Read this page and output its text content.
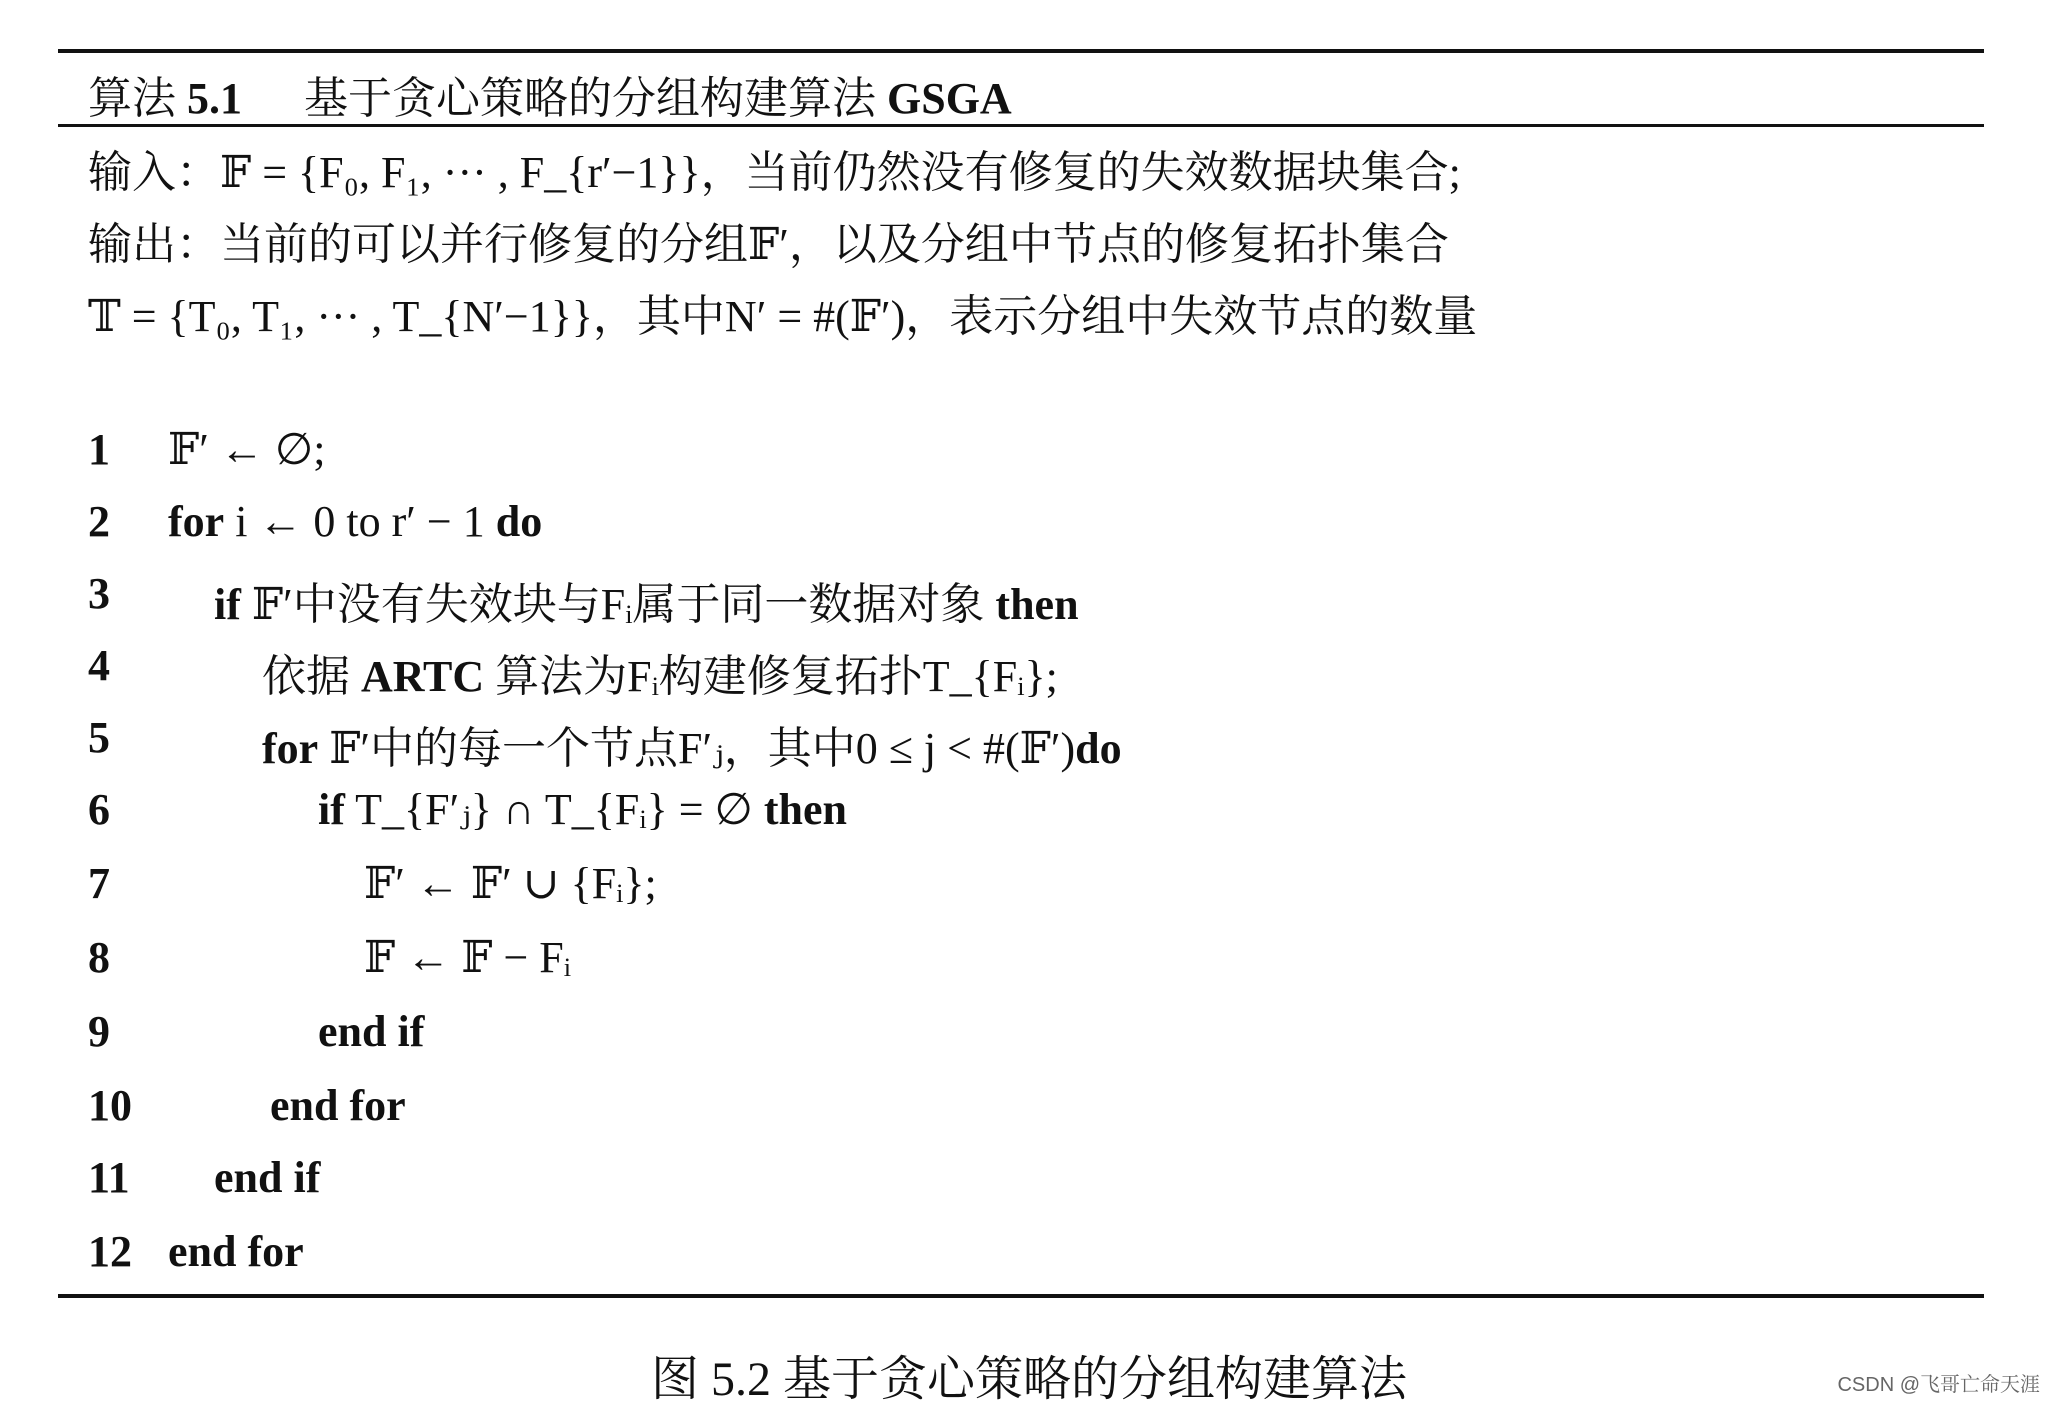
算法 5.1 基于贪心策略的分组构建算法 GSGA
输入：𝔽 = {F₀, F₁, ··· , F_{r′−1}}，当前仍然没有修复的失效数据块集合;
输出：当前的可以并行修复的分组𝔽′，以及分组中节点的修复拓扑集合
𝕋 = {T₀, T₁, ··· , T_{N′−1}}，其中N′ = #(𝔽′)，表示分组中失效节点的数量
1	𝔽′ ← ∅;
2	for i ← 0 to r′ − 1 do
3	if 𝔽′中没有失效块与Fᵢ属于同一数据对象 then
4	依据 ARTC 算法为Fᵢ构建修复拓扑T_{Fᵢ};
5	for 𝔽′中的每一个节点F′ⱼ，其中0 ≤ j < #(𝔽′)do
6	if T_{F′ⱼ} ∩ T_{Fᵢ} = ∅ then
7	𝔽′ ← 𝔽′ ∪ {Fᵢ};
8	𝔽 ← 𝔽 − Fᵢ
9	end if
10	end for
11	end if
12 end for
图 5.2 基于贪心策略的分组构建算法	CSDN @飞哥亡命天涯
